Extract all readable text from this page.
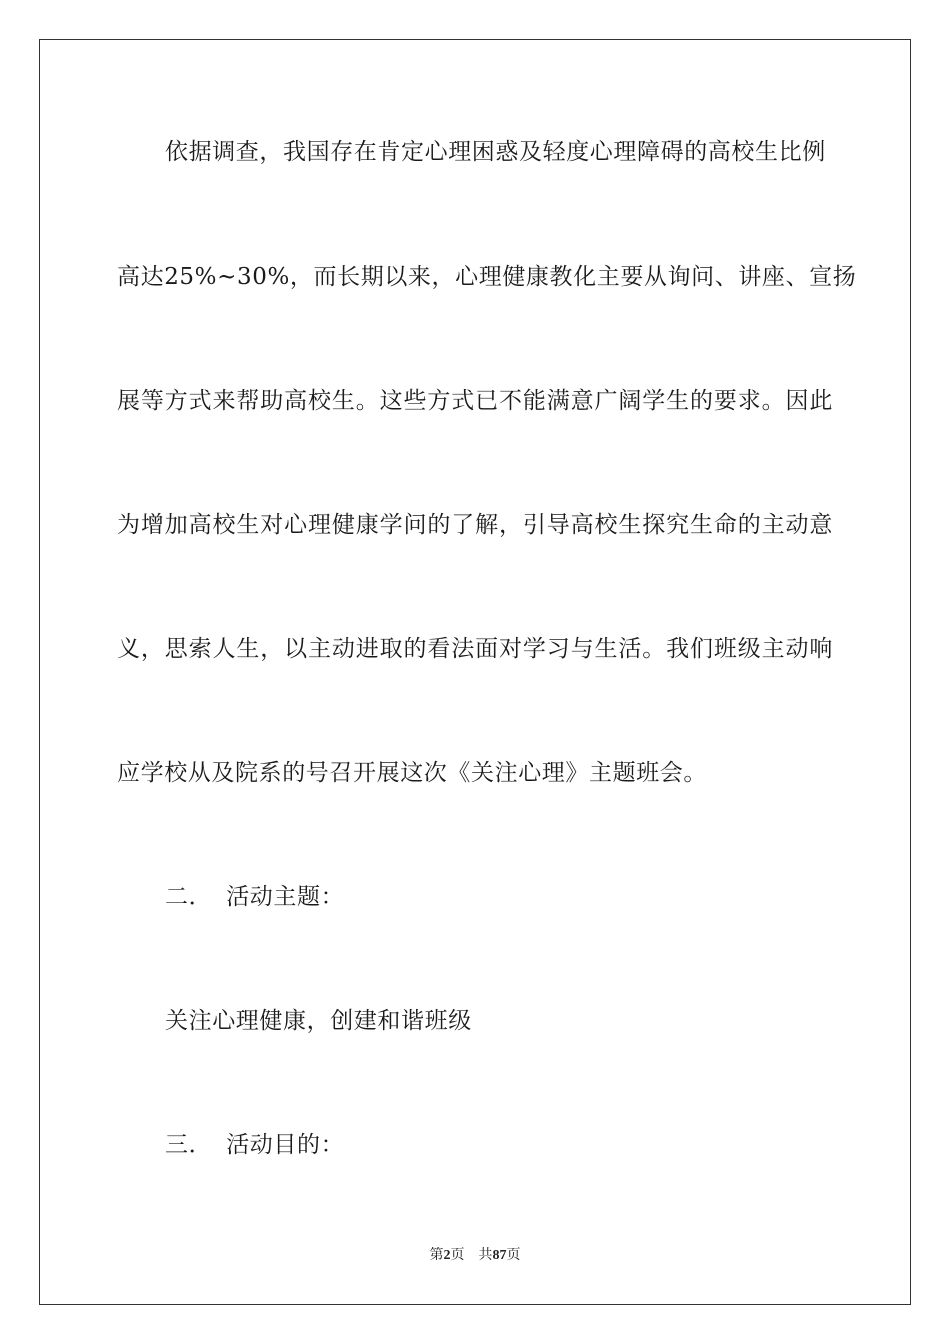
依据调查，我国存在肯定心理困惑及轻度心理障碍的高校生比例
高达25%~30%，而长期以来，心理健康教化主要从询问、讲座、宣扬
展等方式来帮助高校生。这些方式已不能满意广阔学生的要求。因此
为增加高校生对心理健康学问的了解，引导高校生探究生命的主动意
义，思索人生，以主动进取的看法面对学习与生活。我们班级主动响
应学校从及院系的号召开展这次《关注心理》主题班会。
二． 活动主题：
关注心理健康，创建和谐班级
三． 活动目的：
第2页 共87页
